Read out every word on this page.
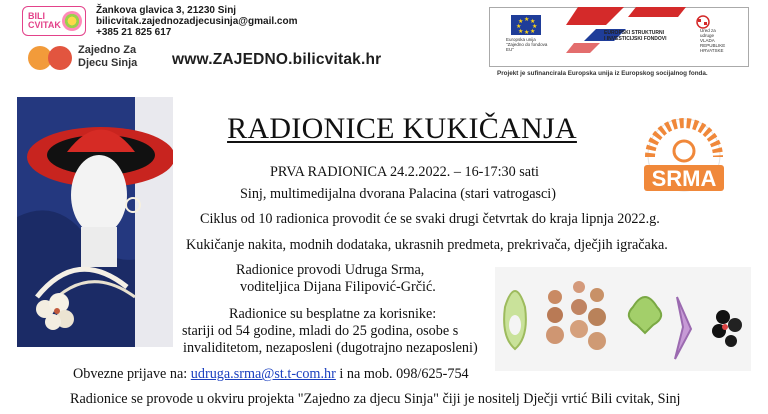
BILI CVITAK
Žankova glavica 3, 21230 Sinj
bilicvitak.zajednozadjecusinja@gmail.com
+385 21 825 617
Zajedno Za
Djecu Sinja www.ZAJEDNO.bilicvitak.hr
★ ★
★
★
★
★
★
★
Europska unija
"Zajedno do fondova EU"
EUROPSKI STRUKTURNI
I INVESTICIJSKI FONDOVI
Ured za
udruge
VLADA
REPUBLIKE
HRVATSKE
Projekt je sufinancirala Europska unija iz Europskog socijalnog fonda.
SRMA
RADIONICE KUKIČANJA
PRVA RADIONICA 24.2.2022. – 16-17:30 sati
Sinj, multimedijalna dvorana Palacina (stari vatrogasci)
Ciklus od 10 radionica provodit će se svaki drugi četvrtak do kraja lipnja 2022.g.
Kukičanje nakita, modnih dodataka, ukrasnih predmeta, prekrivača, dječjih igračaka.
Radionice provodi Udruga Srma,
voditeljica Dijana Filipović-Grčić.
Radionice su besplatne za korisnike:
stariji od 54 godine, mladi do 25 godina, osobe s
invaliditetom, nezaposleni (dugotrajno nezaposleni)
Obvezne prijave na: udruga.srma@st.t-com.hr i na mob. 098/625-754
Radionice se provode u okviru projekta "Zajedno za djecu Sinja" čiji je nositelj Dječji vrtić Bili cvitak, Sinj
